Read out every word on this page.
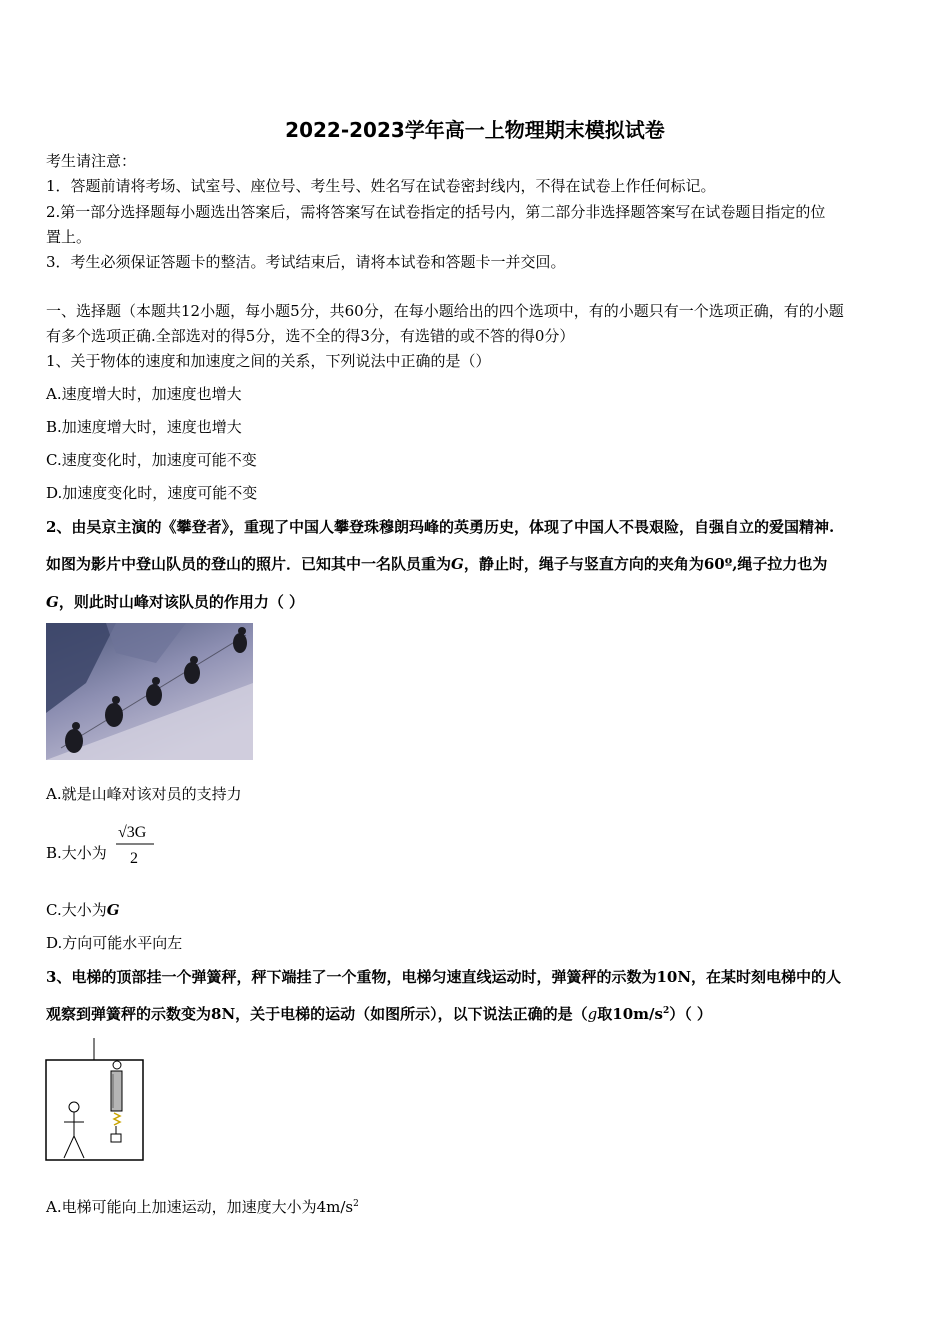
2022-2023学年高一上物理期末模拟试卷
考生请注意：
1．答题前请将考场、试室号、座位号、考生号、姓名写在试卷密封线内，不得在试卷上作任何标记。
2.第一部分选择题每小题选出答案后，需将答案写在试卷指定的括号内，第二部分非选择题答案写在试卷题目指定的位
置上。
3．考生必须保证答题卡的整洁。考试结束后，请将本试卷和答题卡一并交回。
一、选择题（本题共12小题，每小题5分，共60分，在每小题给出的四个选项中，有的小题只有一个选项正确，有的小题
有多个选项正确.全部选对的得5分，选不全的得3分，有选错的或不答的得0分）
1、关于物体的速度和加速度之间的关系，下列说法中正确的是（）
A.速度增大时，加速度也增大
B.加速度增大时，速度也增大
C.速度变化时，加速度可能不变
D.加速度变化时，速度可能不变
2、由吴京主演的《攀登者》，重现了中国人攀登珠穆朗玛峰的英勇历史，体现了中国人不畏艰险，自强自立的爱国精神.
如图为影片中登山队员的登山的照片．已知其中一名队员重为G，静止时，绳子与竖直方向的夹角为60º,绳子拉力也为
G，则此时山峰对该队员的作用力（ ）
A.就是山峰对该对员的支持力
B.大小为
√3G
2
C.大小为G
D.方向可能水平向左
3、电梯的顶部挂一个弹簧秤，秤下端挂了一个重物，电梯匀速直线运动时，弹簧秤的示数为10N，在某时刻电梯中的人
观察到弹簧秤的示数变为8N，关于电梯的运动（如图所示），以下说法正确的是（g取$10m/s^2$）（ ）
A.电梯可能向上加速运动，加速度大小为$4m/s^2$
